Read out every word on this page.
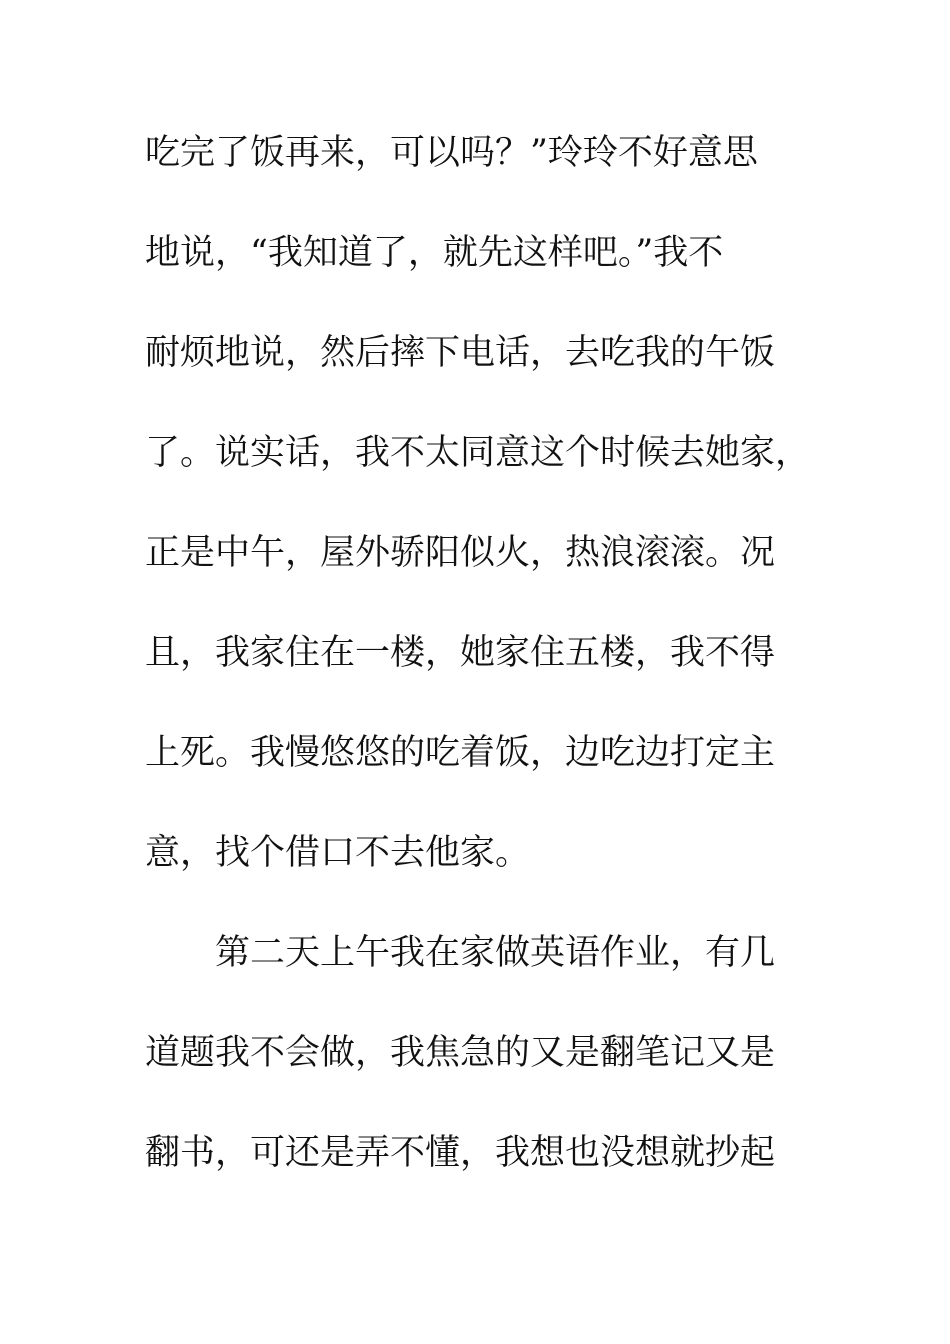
吃完了饭再来，可以吗？”玲玲不好意思
地说，“我知道了，就先这样吧。”我不
耐烦地说，然后摔下电话，去吃我的午饭
了。说实话，我不太同意这个时候去她家，
正是中午，屋外骄阳似火，热浪滚滚。况
且，我家住在一楼，她家住五楼，我不得
上死。我慢悠悠的吃着饭，边吃边打定主
意，找个借口不去他家。
第二天上午我在家做英语作业，有几
道题我不会做，我焦急的又是翻笔记又是
翻书，可还是弄不懂，我想也没想就抄起
